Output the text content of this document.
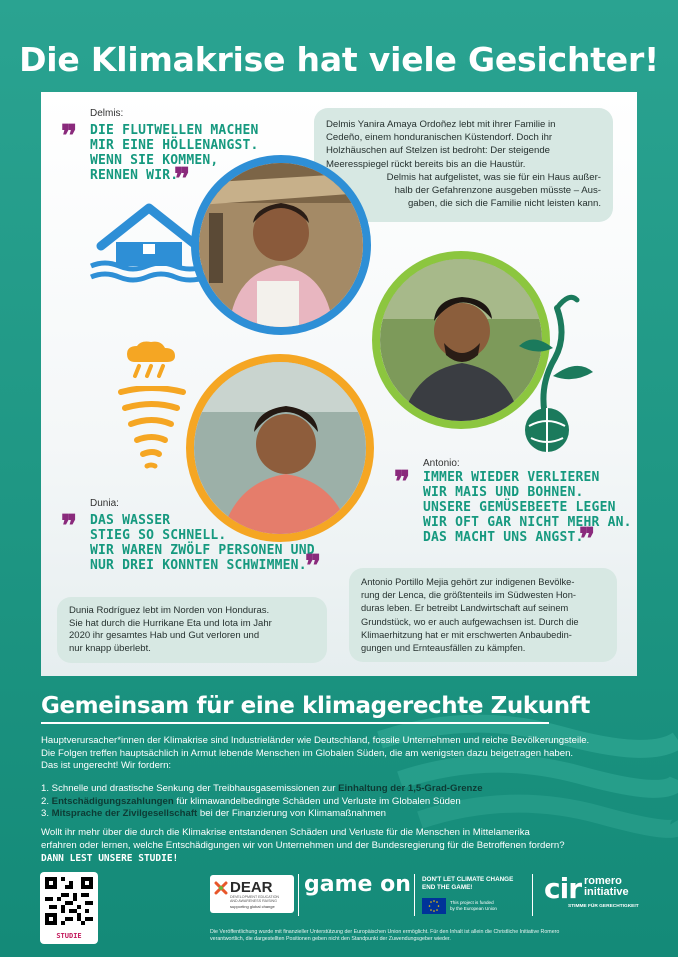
Die Klimakrise hat viele Gesichter!
Delmis:
❞ DIE FLUTWELLEN MACHEN
MIR EINE HÖLLENANGST.
WENN SIE KOMMEN,
RENNEN WIR.
❞
Delmis Yanira Amaya Ordoñez lebt mit ihrer Familie in
Cedeño, einem honduranischen Küstendorf. Doch ihr
Holzhäuschen auf Stelzen ist bedroht: Der steigende
Meeresspiegel rückt bereits bis an die Haustür.
Delmis hat aufgelistet, was sie für ein Haus außer-
halb der Gefahrenzone ausgeben müsste – Aus-
gaben, die sich die Familie nicht leisten kann.
Antonio:
❞ IMMER WIEDER VERLIEREN
WIR MAIS UND BOHNEN.
UNSERE GEMÜSEBEETE LEGEN
WIR OFT GAR NICHT MEHR AN.
DAS MACHT UNS ANGST.
❞
Dunia:
❞ DAS WASSER
STIEG SO SCHNELL.
WIR WAREN ZWÖLF PERSONEN UND
NUR DREI KONNTEN SCHWIMMEN.
❞	Antonio Portillo Mejia gehört zur indigenen Bevölke-
rung der Lenca, die größtenteils im Südwesten Hon-
duras leben. Er betreibt Landwirtschaft auf seinem
Grundstück, wo er auch aufgewachsen ist. Durch die
Klimaerhitzung hat er mit erschwerten Anbaubedin-
gungen und Ernteausfällen zu kämpfen.
Dunia Rodríguez lebt im Norden von Honduras.
Sie hat durch die Hurrikane Eta und Iota im Jahr
2020 ihr gesamtes Hab und Gut verloren und
nur knapp überlebt.
Gemeinsam für eine klimagerechte Zukunft
Hauptverursacher*innen der Klimakrise sind Industrieländer wie Deutschland, fossile Unternehmen und reiche Bevölkerungsteile.
Die Folgen treffen hauptsächlich in Armut lebende Menschen im Globalen Süden, die am wenigsten dazu beigetragen haben.
Das ist ungerecht! Wir fordern:
1. Schnelle und drastische Senkung der Treibhausgasemissionen zur Einhaltung der 1,5-Grad-Grenze
2. Entschädigungszahlungen für klimawandelbedingte Schäden und Verluste im Globalen Süden
3. Mitsprache der Zivilgesellschaft bei der Finanzierung von Klimamaßnahmen
Wollt ihr mehr über die durch die Klimakrise entstandenen Schäden und Verluste für die Menschen in Mittelamerika
erfahren oder lernen, welche Entschädigungen wir von Unternehmen und der Bundesregierung für die Betroffenen fordern?
DANN LEST UNSERE STUDIE!
STUDIE
DEAR
DEVELOPMENT EDUCATION
AND AWARENESS RAISING
supporting global change
game on DON'T LET CLIMATE CHANGE
END THE GAME!
This project is funded
by the European Union
cir romero
initiative
STIMME FÜR GERECHTIGKEIT
Die Veröffentlichung wurde mit finanzieller Unterstützung der Europäischen Union ermöglicht. Für den Inhalt ist allein die Christliche Initiative Romero
verantwortlich, die dargestellten Positionen geben nicht den Standpunkt der Zuwendungsgeber wieder.
